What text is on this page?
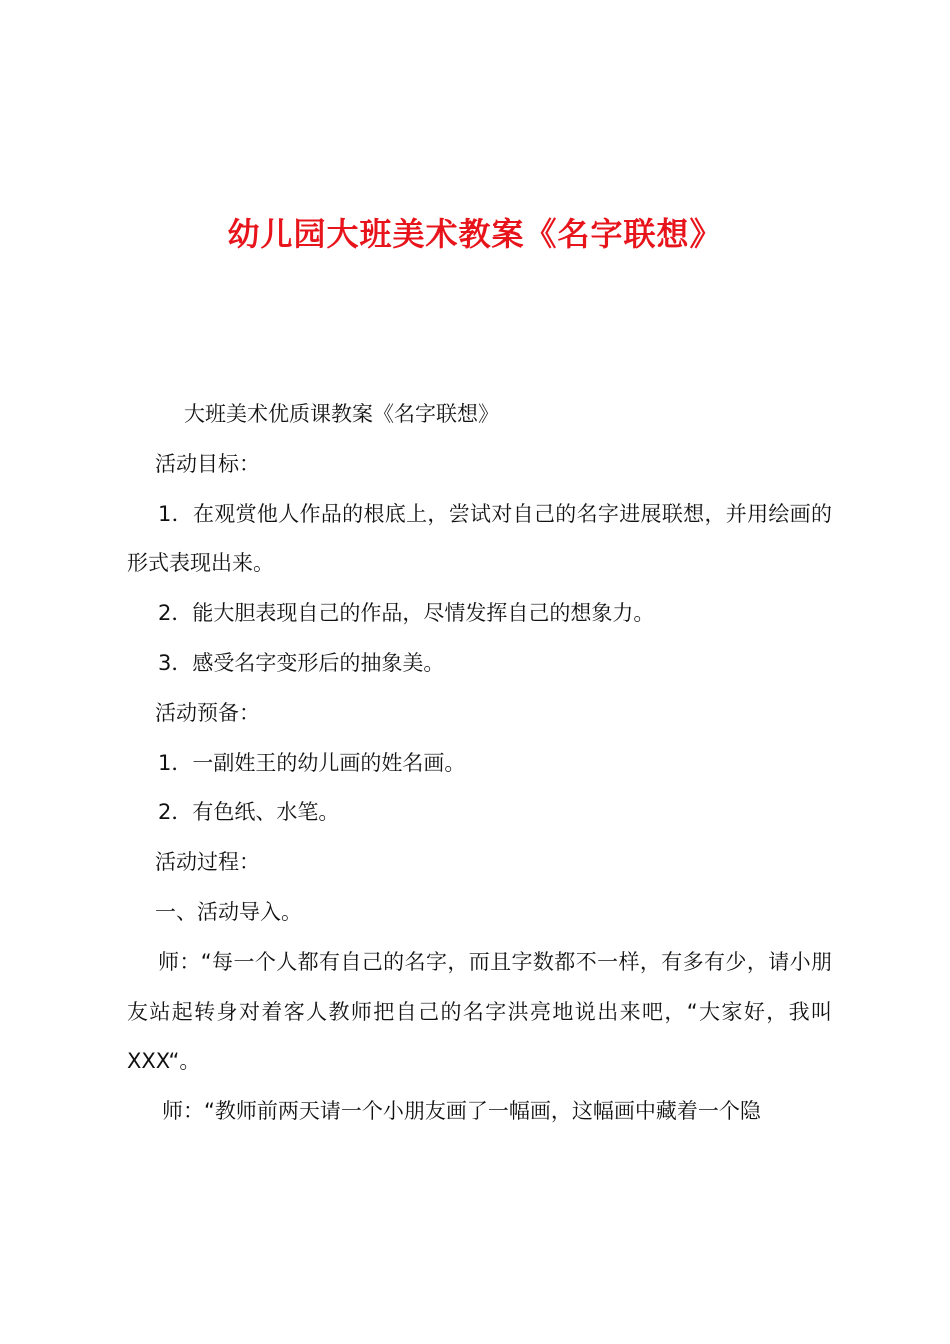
幼儿园大班美术教案《名字联想》

大班美术优质课教案《名字联想》

活动目标：

1．在观赏他人作品的根底上，尝试对自己的名字进展联想，并用绘画的形式表现出来。

2．能大胆表现自己的作品，尽情发挥自己的想象力。

3．感受名字变形后的抽象美。

活动预备：

1．一副姓王的幼儿画的姓名画。

2．有色纸、水笔。

活动过程：

一、活动导入。

师：“每一个人都有自己的名字，而且字数都不一样，有多有少，请小朋友站起转身对着客人教师把自己的名字洪亮地说出来吧，“大家好，我叫 XXX“。

师：“教师前两天请一个小朋友画了一幅画，这幅画中藏着一个隐
